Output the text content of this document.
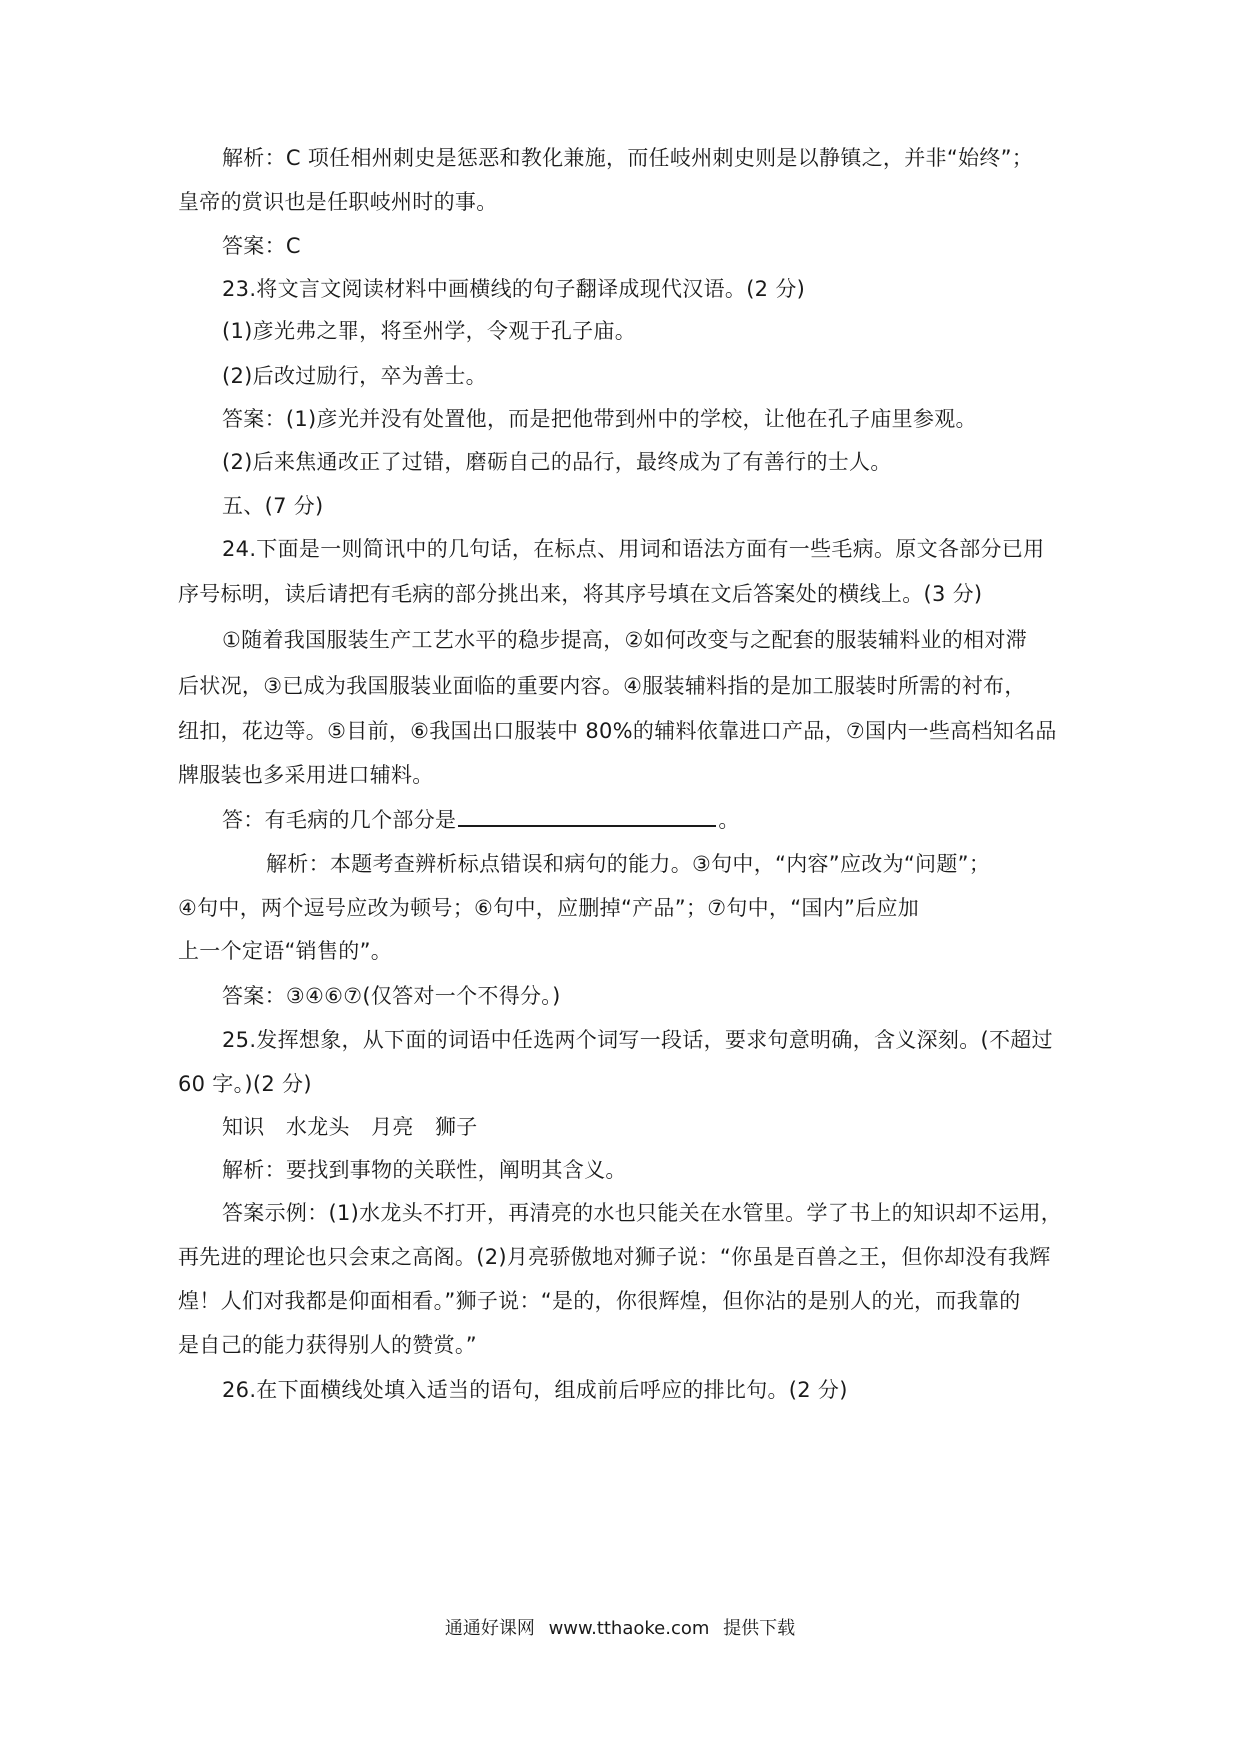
解析：C 项任相州刺史是惩恶和教化兼施，而任岐州刺史则是以静镇之，并非“始终”；
皇帝的赏识也是任职岐州时的事。
答案：C
23.将文言文阅读材料中画横线的句子翻译成现代汉语。(2 分)
(1)彦光弗之罪，将至州学，令观于孔子庙。
(2)后改过励行，卒为善士。
答案：(1)彦光并没有处置他，而是把他带到州中的学校，让他在孔子庙里参观。
(2)后来焦通改正了过错，磨砺自己的品行，最终成为了有善行的士人。
五、(7 分)
24.下面是一则简讯中的几句话，在标点、用词和语法方面有一些毛病。原文各部分已用
序号标明，读后请把有毛病的部分挑出来，将其序号填在文后答案处的横线上。(3 分)
①随着我国服装生产工艺水平的稳步提高，②如何改变与之配套的服装辅料业的相对滞
后状况，③已成为我国服装业面临的重要内容。④服装辅料指的是加工服装时所需的衬布，
纽扣，花边等。⑤目前，⑥我国出口服装中 80%的辅料依靠进口产品，⑦国内一些高档知名品
牌服装也多采用进口辅料。
答：有毛病的几个部分是	。
解析：本题考查辨析标点错误和病句的能力。③句中，“内容”应改为“问题”；
④句中，两个逗号应改为顿号；⑥句中，应删掉“产品”；⑦句中，“国内”后应加
上一个定语“销售的”。
答案：③④⑥⑦(仅答对一个不得分。)
25.发挥想象，从下面的词语中任选两个词写一段话，要求句意明确，含义深刻。(不超过
60 字。)(2 分)
知识　水龙头　月亮　狮子
解析：要找到事物的关联性，阐明其含义。
答案示例：(1)水龙头不打开，再清亮的水也只能关在水管里。学了书上的知识却不运用，
再先进的理论也只会束之高阁。(2)月亮骄傲地对狮子说：“你虽是百兽之王，但你却没有我辉
煌！人们对我都是仰面相看。”狮子说：“是的，你很辉煌，但你沾的是别人的光，而我靠的
是自己的能力获得别人的赞赏。”
26.在下面横线处填入适当的语句，组成前后呼应的排比句。(2 分)
通通好课网 www.tthaoke.com 提供下载
